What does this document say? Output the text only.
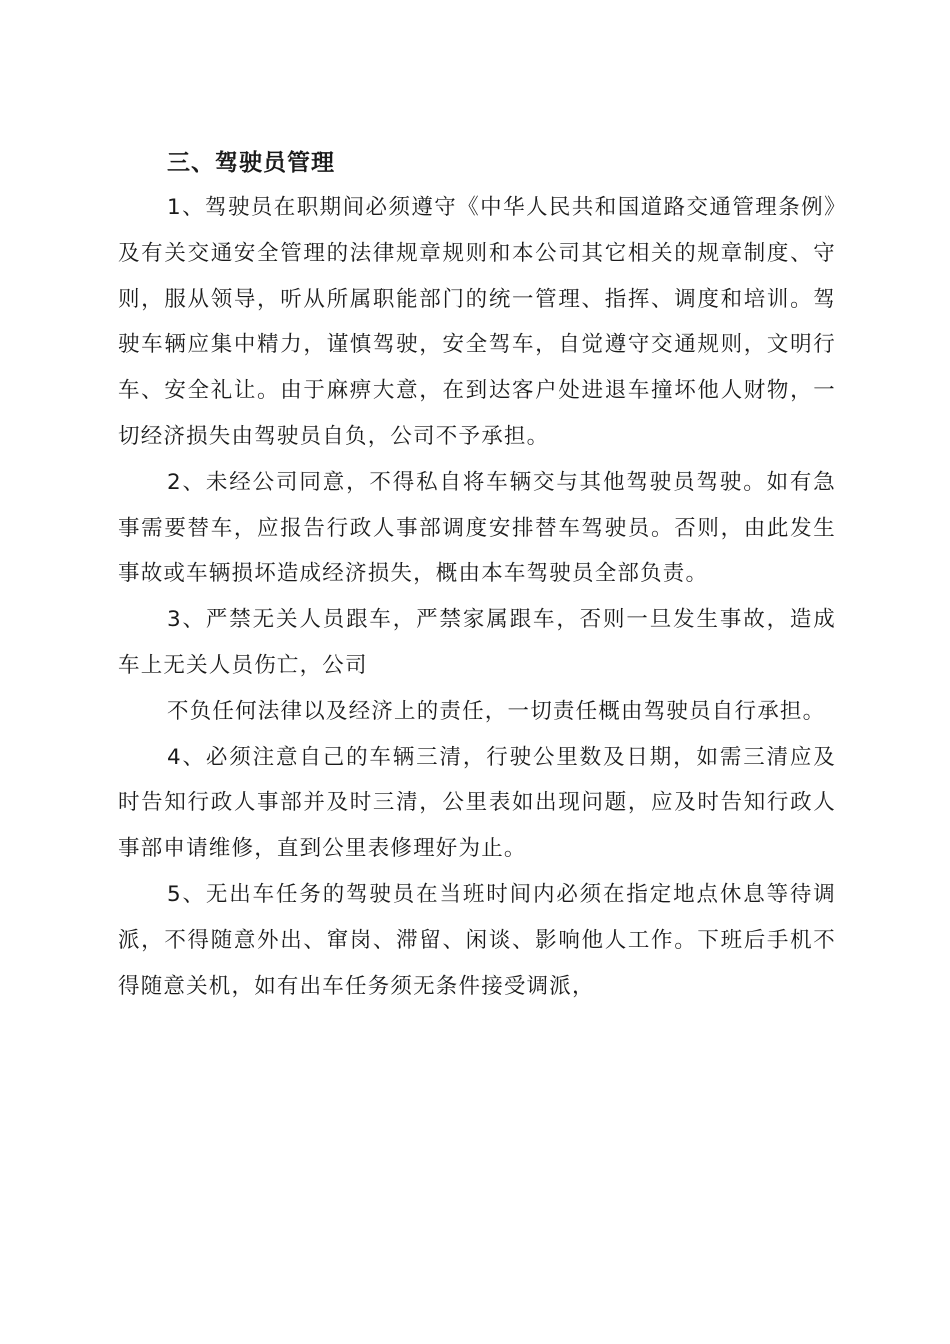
三、驾驶员管理

1、驾驶员在职期间必须遵守《中华人民共和国道路交通管理条例》及有关交通安全管理的法律规章规则和本公司其它相关的规章制度、守则，服从领导，听从所属职能部门的统一管理、指挥、调度和培训。驾驶车辆应集中精力，谨慎驾驶，安全驾车，自觉遵守交通规则，文明行车、安全礼让。由于麻痹大意，在到达客户处进退车撞坏他人财物，一切经济损失由驾驶员自负，公司不予承担。

2、未经公司同意，不得私自将车辆交与其他驾驶员驾驶。如有急事需要替车，应报告行政人事部调度安排替车驾驶员。否则，由此发生事故或车辆损坏造成经济损失，概由本车驾驶员全部负责。

3、严禁无关人员跟车，严禁家属跟车，否则一旦发生事故，造成车上无关人员伤亡，公司

不负任何法律以及经济上的责任，一切责任概由驾驶员自行承担。

4、必须注意自己的车辆三清，行驶公里数及日期，如需三清应及时告知行政人事部并及时三清，公里表如出现问题，应及时告知行政人事部申请维修，直到公里表修理好为止。

5、无出车任务的驾驶员在当班时间内必须在指定地点休息等待调派，不得随意外出、窜岗、滞留、闲谈、影响他人工作。下班后手机不得随意关机，如有出车任务须无条件接受调派，
